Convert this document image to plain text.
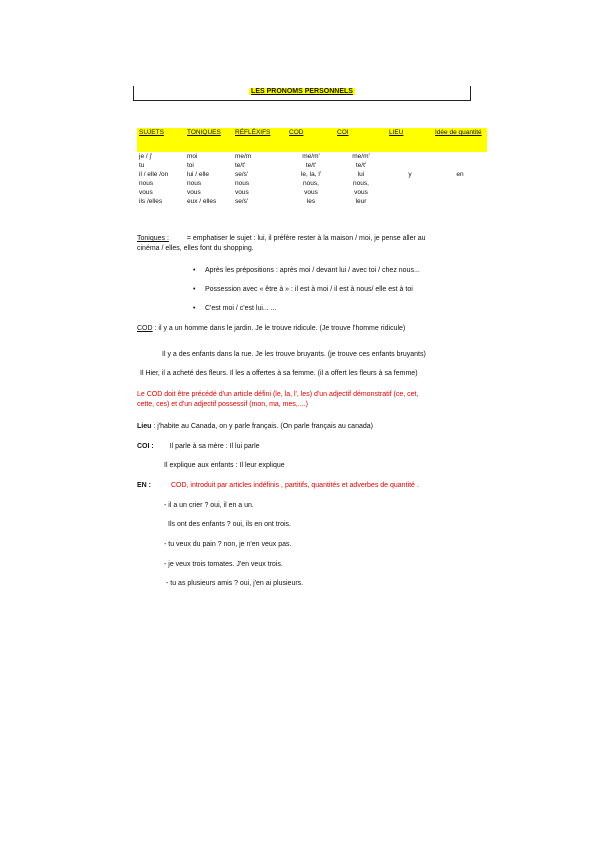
LES PRONOMS PERSONNELS
SUJETS	TONIQUES	RÉFLÉXIFS	COD	COI	LIEU	Idée de quantité
je / j'	moi	me/m	me/m'	me/m'		
tu	toi	te/t'	te/t'	te/t'		
il / elle /on	lui / elle	se/s'	le, la, l'	lui	y	en
nous	nous	nous	nous,	nous,		
vous	vous	vous	vous	vous		
ils /elles	eux / elles	se/s'	les	leur		
Toniques :	= emphatiser le sujet : lui, il préfère rester à la maison / moi, je pense aller au
cinéma / elles, elles font du shopping.
• Après les prépositions : après moi / devant lui / avec toi / chez nous...
• Possession avec « être à » : il est à moi / il est à nous/ elle est à toi
• C'est moi / c'est lui... ...
COD : il y a un homme dans le jardin. Je le trouve ridicule. (Je trouve l'homme ridicule)
Il y a des enfants dans la rue. Je les trouve bruyants. (je trouve ces enfants bruyants)
Il Hier, il a acheté des fleurs. Il les a offertes à sa femme. (il a offert les fleurs à sa femme)
Le COD doit être précédé d'un article défini (le, la, l', les) d'un adjectif démonstratif (ce, cet,
cette, ces) et d'un adjectif possessif (mon, ma, mes,....)
Lieu : j'habite au Canada, on y parle français. (On parle français au canada)
COI : Il parle à sa mère : Il lui parle
Il explique aux enfants : Il leur explique
EN :	COD, introduit par articles indéfinis , partitifs, quantités et adverbes de quantité .
- il a un crier ? oui, il en a un.
Ils ont des enfants ? oui, ils en ont trois.
- tu veux du pain ? non, je n'en veux pas.
- je veux trois tomates. J'en veux trois.
- tu as plusieurs amis ? oui, j'en ai plusieurs.
